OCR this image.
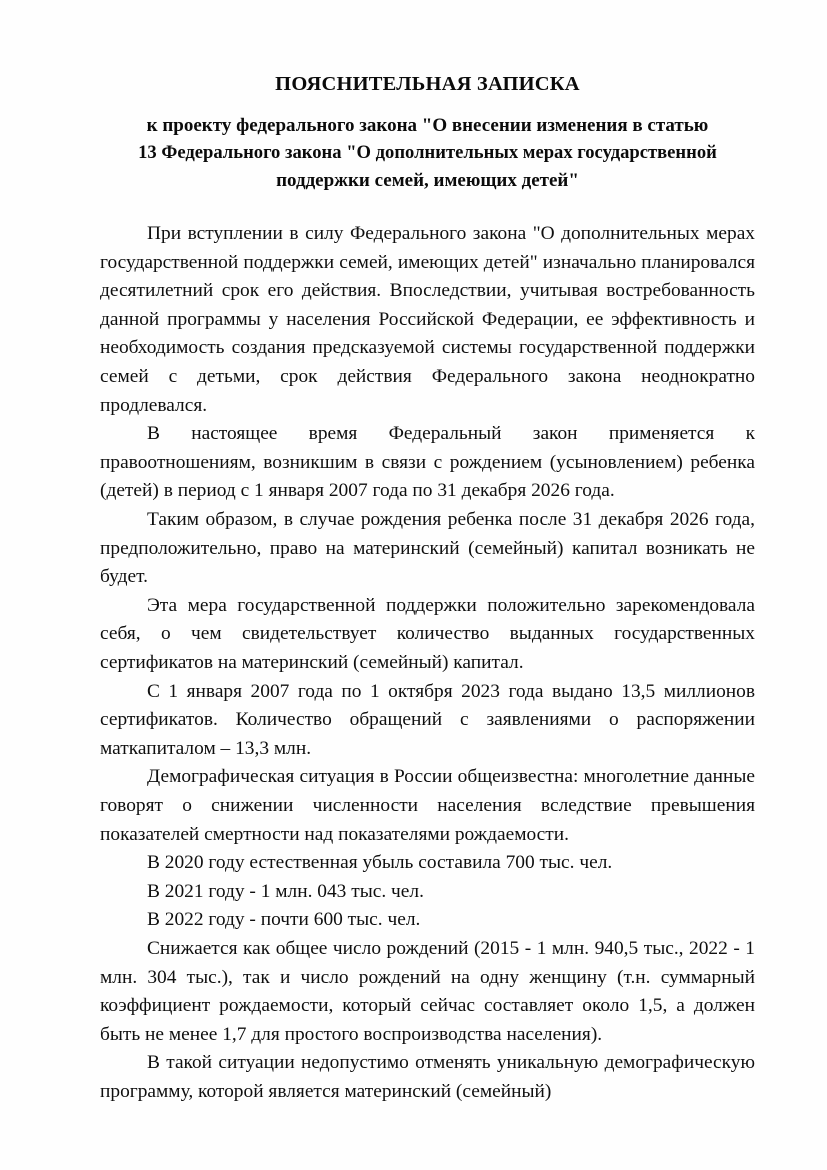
ПОЯСНИТЕЛЬНАЯ ЗАПИСКА
к проекту федерального закона "О внесении изменения в статью
13 Федерального закона "О дополнительных мерах государственной
поддержки семей, имеющих детей"

При вступлении в силу Федерального закона "О дополнительных мерах государственной поддержки семей, имеющих детей" изначально планировался десятилетний срок его действия. Впоследствии, учитывая востребованность данной программы у населения Российской Федерации, ее эффективность и необходимость создания предсказуемой системы государственной поддержки семей с детьми, срок действия Федерального закона неоднократно продлевался.

В настоящее время Федеральный закон применяется к правоотношениям, возникшим в связи с рождением (усыновлением) ребенка (детей) в период с 1 января 2007 года по 31 декабря 2026 года.

Таким образом, в случае рождения ребенка после 31 декабря 2026 года, предположительно, право на материнский (семейный) капитал возникать не будет.

Эта мера государственной поддержки положительно зарекомендовала себя, о чем свидетельствует количество выданных государственных сертификатов на материнский (семейный) капитал.

С 1 января 2007 года по 1 октября 2023 года выдано 13,5 миллионов сертификатов. Количество обращений с заявлениями о распоряжении маткапиталом – 13,3 млн.

Демографическая ситуация в России общеизвестна: многолетние данные говорят о снижении численности населения вследствие превышения показателей смертности над показателями рождаемости.

В 2020 году естественная убыль составила 700 тыс. чел.

В 2021 году - 1 млн. 043 тыс. чел.

В 2022 году - почти 600 тыс. чел.

Снижается как общее число рождений (2015 - 1 млн. 940,5 тыс., 2022 - 1 млн. 304 тыс.), так и число рождений на одну женщину (т.н. суммарный коэффициент рождаемости, который сейчас составляет около 1,5, а должен быть не менее 1,7 для простого воспроизводства населения).

В такой ситуации недопустимо отменять уникальную демографическую программу, которой является материнский (семейный)
